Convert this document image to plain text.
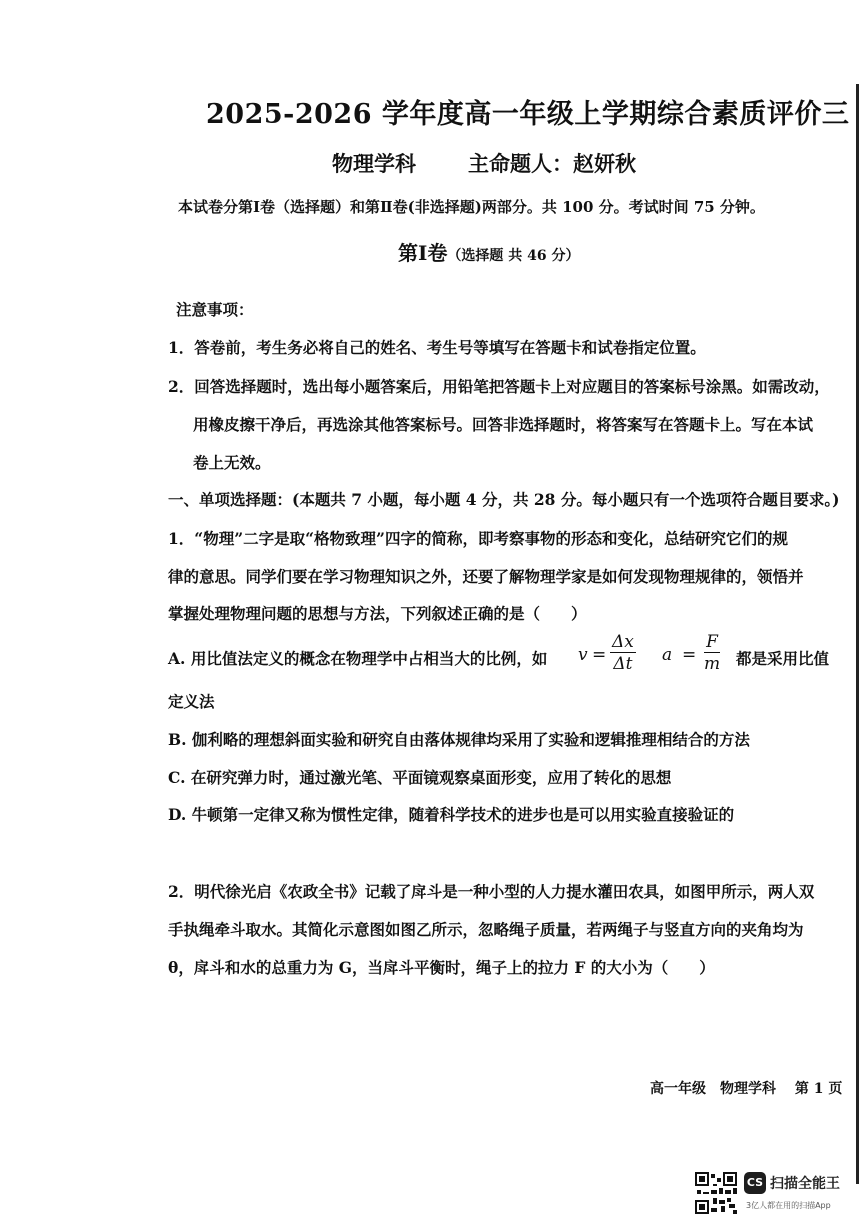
2025-2026 学年度高一年级上学期综合素质评价三
物理学科 主命题人：赵妍秋
本试卷分第Ⅰ卷（选择题）和第Ⅱ卷(非选择题)两部分。共 100 分。考试时间 75 分钟。
第Ⅰ卷（选择题 共 46 分）
注意事项：
1．答卷前，考生务必将自己的姓名、考生号等填写在答题卡和试卷指定位置。
2．回答选择题时，选出每小题答案后，用铅笔把答题卡上对应题目的答案标号涂黑。如需改动，
用橡皮擦干净后，再选涂其他答案标号。回答非选择题时，将答案写在答题卡上。写在本试
卷上无效。
一、单项选择题：(本题共 7 小题，每小题 4 分，共 28 分。每小题只有一个选项符合题目要求。)
1．“物理”二字是取“格物致理”四字的简称，即考察事物的形态和变化，总结研究它们的规
律的意思。同学们要在学习物理知识之外，还要了解物理学家是如何发现物理规律的，领悟并
掌握处理物理问题的思想与方法，下列叙述正确的是（　　）
A. 用比值法定义的概念在物理学中占相当大的比例，如 $v = \frac{\Delta x}{\Delta t}$ $a = \frac{F}{m}$ 都是采用比值
定义法
B. 伽利略的理想斜面实验和研究自由落体规律均采用了实验和逻辑推理相结合的方法
C. 在研究弹力时，通过激光笔、平面镜观察桌面形变，应用了转化的思想
D. 牛顿第一定律又称为惯性定律，随着科学技术的进步也是可以用实验直接验证的
2．明代徐光启《农政全书》记载了戽斗是一种小型的人力提水灌田农具，如图甲所示，两人双
手执绳牵斗取水。其简化示意图如图乙所示，忽略绳子质量，若两绳子与竖直方向的夹角均为
θ，戽斗和水的总重力为 G，当戽斗平衡时，绳子上的拉力 F 的大小为（　　）
高一年级　物理学科　 第 1 页
CS 扫描全能王
3亿人都在用的扫描App
